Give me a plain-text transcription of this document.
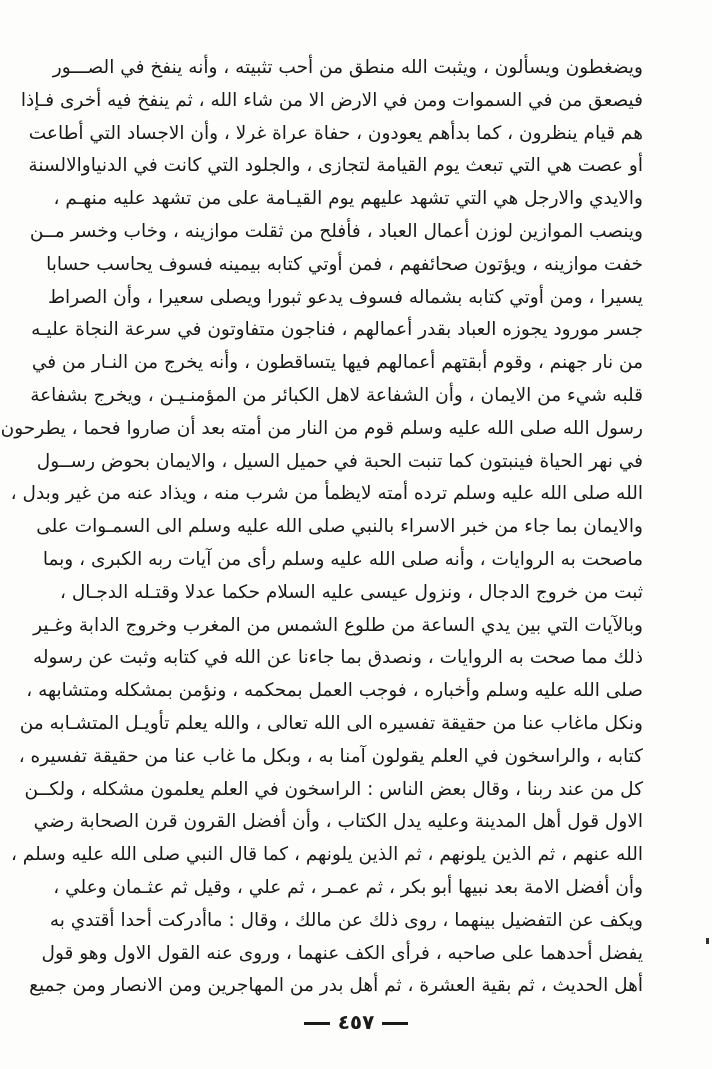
ويضغطون ويسألون ، ويثبت الله منطق من أحب تثبيته ، وأنه ينفخ في الصـــور
فيصعق من في السموات ومن في الارض الا من شاء الله ، ثم ينفخ فيه أخرى فـإذا
هم قيام ينظرون ، كما بدأهم يعودون ، حفاة عراة غرلا ، وأن الاجساد التي أطاعت
أو عصت هي التي تبعث يوم القيامة لتجازى ، والجلود التي كانت في الدنياوالالسنة
والايدي والارجل هي التي تشهد عليهم يوم القيـامة على من تشهد عليه منهـم ،
وينصب الموازين لوزن أعمال العباد ، فأفلح من ثقلت موازينه ، وخاب وخسر مــن
خفت موازينه ، ويؤتون صحائفهم ، فمن أوتي كتابه بيمينه فسوف يحاسب حسابا
يسيرا ، ومن أوتي كتابه بشماله فسوف يدعو ثبورا ويصلى سعيرا ، وأن الصراط
جسر مورود يجوزه العباد بقدر أعمالهم ، فناجون متفاوتون في سرعة النجاة عليـه
من نار جهنم ، وقوم أبقتهم أعمالهم فيها يتساقطون ، وأنه يخرج من النـار من في
قلبه شيء من الايمان ، وأن الشفاعة لاهل الكبائر من المؤمنـيـن ، ويخرج بشفاعة
رسول الله صلى الله عليه وسلم قوم من النار من أمته بعد أن صاروا فحما ، يطرحون
في نهر الحياة فينبتون كما تنبت الحبة في حميل السيل ، والايمان بحوض رســول
الله صلى الله عليه وسلم ترده أمته لايظمأ من شرب منه ، ويذاد عنه من غير وبدل ،
والايمان بما جاء من خبر الاسراء بالنبي صلى الله عليه وسلم الى السمـوات على
ماصحت به الروايات ، وأنه صلى الله عليه وسلم رأى من آيات ربه الكبرى ، وبما
ثبت من خروج الدجال ، ونزول عيسى عليه السلام حكما عدلا وقتـله الدجـال ،
وبالآيات التي بين يدي الساعة من طلوع الشمس من المغرب وخروج الدابة وغـير
ذلك مما صحت به الروايات ، ونصدق بما جاءنا عن الله في كتابه وثبت عن رسوله
صلى الله عليه وسلم وأخباره ، فوجب العمل بمحكمه ، ونؤمن بمشكله ومتشابهه ،
ونكل ماغاب عنا من حقيقة تفسيره الى الله تعالى ، والله يعلم تأويـل المتشـابه من
كتابه ، والراسخون في العلم يقولون آمنا به ، وبكل ما غاب عنا من حقيقة تفسيره ،
كل من عند ربنا ، وقال بعض الناس : الراسخون في العلم يعلمون مشكله ، ولكــن
الاول قول أهل المدينة وعليه يدل الكتاب ، وأن أفضل القرون قرن الصحابة رضي
الله عنهم ، ثم الذين يلونهم ، ثم الذين يلونهم ، كما قال النبي صلى الله عليه وسلم ،
وأن أفضل الامة بعد نبيها أبو بكر ، ثم عمـر ، ثم علي ، وقيل ثم عثـمان وعلي ،
ويكف عن التفضيل بينهما ، روى ذلك عن مالك ، وقال : ماأدركت أحدا أقتدي به
يفضل أحدهما على صاحبه ، فرأى الكف عنهما ، وروى عنه القول الاول وهو قول
أهل الحديث ، ثم بقية العشرة ، ثم أهل بدر من المهاجرين ومن الانصار ومن جميع
٤٥٧
